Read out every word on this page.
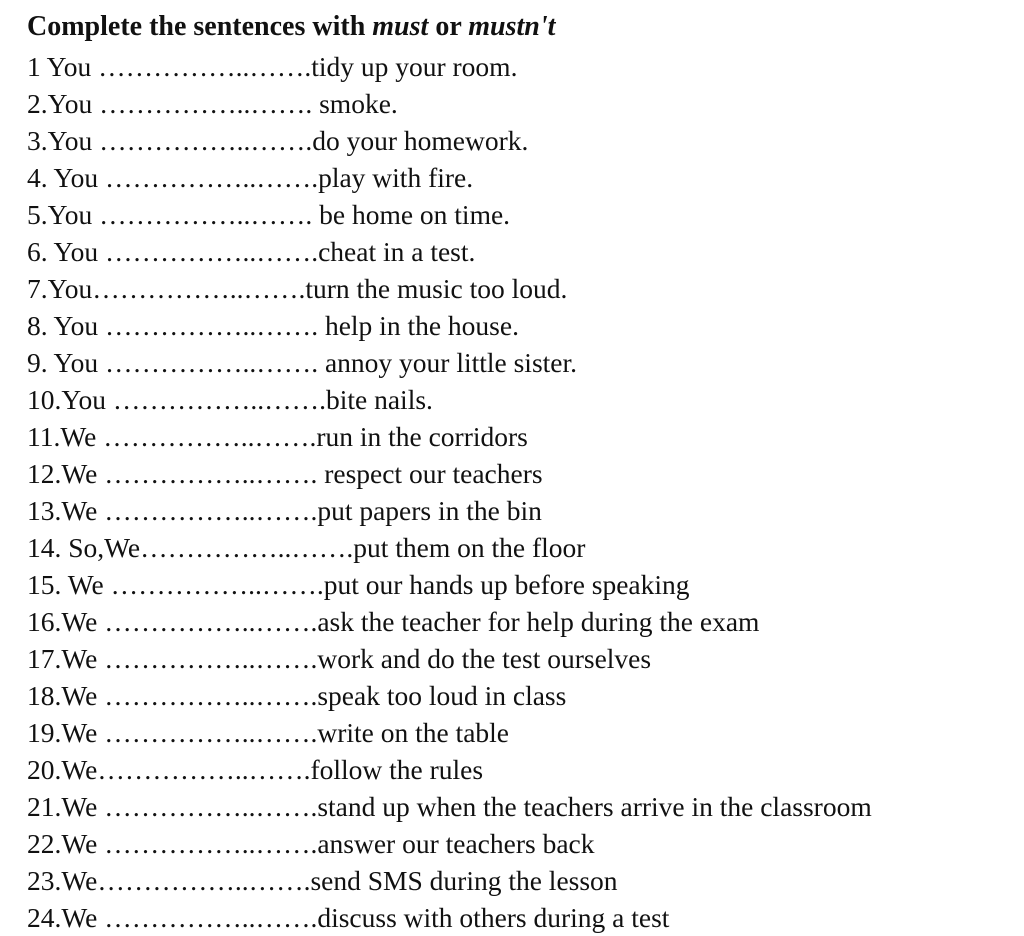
Complete the sentences with must or mustn't
1 You ……………..…….tidy up your room.
2.You ……………..……. smoke.
3.You ……………..…….do your homework.
4. You ……………..…….play with fire.
5.You ……………..……. be home on time.
6. You ……………..…….cheat in a test.
7.You……………..…….turn the music too loud.
8. You ……………..……. help in the house.
9. You ……………..……. annoy your little sister.
10.You ……………..…….bite nails.
11.We ……………..…….run in the corridors
12.We ……………..……. respect our teachers
13.We ……………..…….put papers in the bin
14. So,We……………..…….put them on the floor
15. We ……………..…….put our hands up before speaking
16.We ……………..…….ask the teacher for help during the exam
17.We ……………..…….work and do the test ourselves
18.We ……………..…….speak too loud in class
19.We ……………..…….write on the table
20.We……………..…….follow the rules
21.We ……………..…….stand up when the teachers arrive in the classroom
22.We ……………..…….answer our teachers back
23.We……………..…….send SMS during the lesson
24.We ……………..…….discuss with others during a test
